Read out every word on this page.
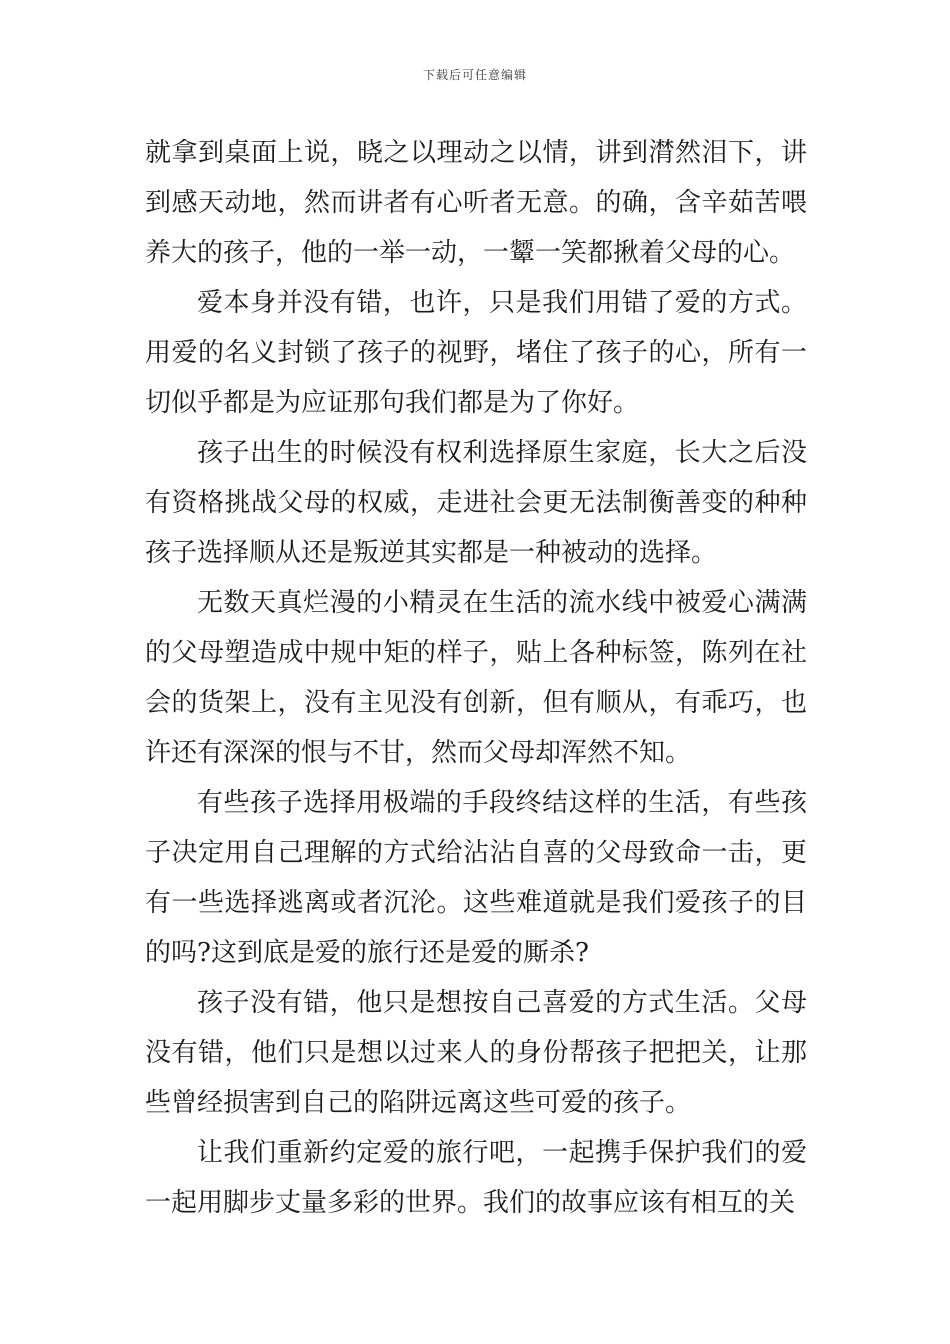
下载后可任意编辑

就拿到桌面上说，晓之以理动之以情，讲到潸然泪下，讲到感天动地，然而讲者有心听者无意。的确，含辛茹苦喂养大的孩子，他的一举一动，一颦一笑都揪着父母的心。

爱本身并没有错，也许，只是我们用错了爱的方式。用爱的名义封锁了孩子的视野，堵住了孩子的心，所有一切似乎都是为应证那句我们都是为了你好。

孩子出生的时候没有权利选择原生家庭，长大之后没有资格挑战父母的权威，走进社会更无法制衡善变的种种孩子选择顺从还是叛逆其实都是一种被动的选择。

无数天真烂漫的小精灵在生活的流水线中被爱心满满的父母塑造成中规中矩的样子，贴上各种标签，陈列在社会的货架上，没有主见没有创新，但有顺从，有乖巧，也许还有深深的恨与不甘，然而父母却浑然不知。

有些孩子选择用极端的手段终结这样的生活，有些孩子决定用自己理解的方式给沾沾自喜的父母致命一击，更有一些选择逃离或者沉沦。这些难道就是我们爱孩子的目的吗?这到底是爱的旅行还是爱的厮杀?

孩子没有错，他只是想按自己喜爱的方式生活。父母没有错，他们只是想以过来人的身份帮孩子把把关，让那些曾经损害到自己的陷阱远离这些可爱的孩子。

让我们重新约定爱的旅行吧，一起携手保护我们的爱一起用脚步丈量多彩的世界。我们的故事应该有相互的关
